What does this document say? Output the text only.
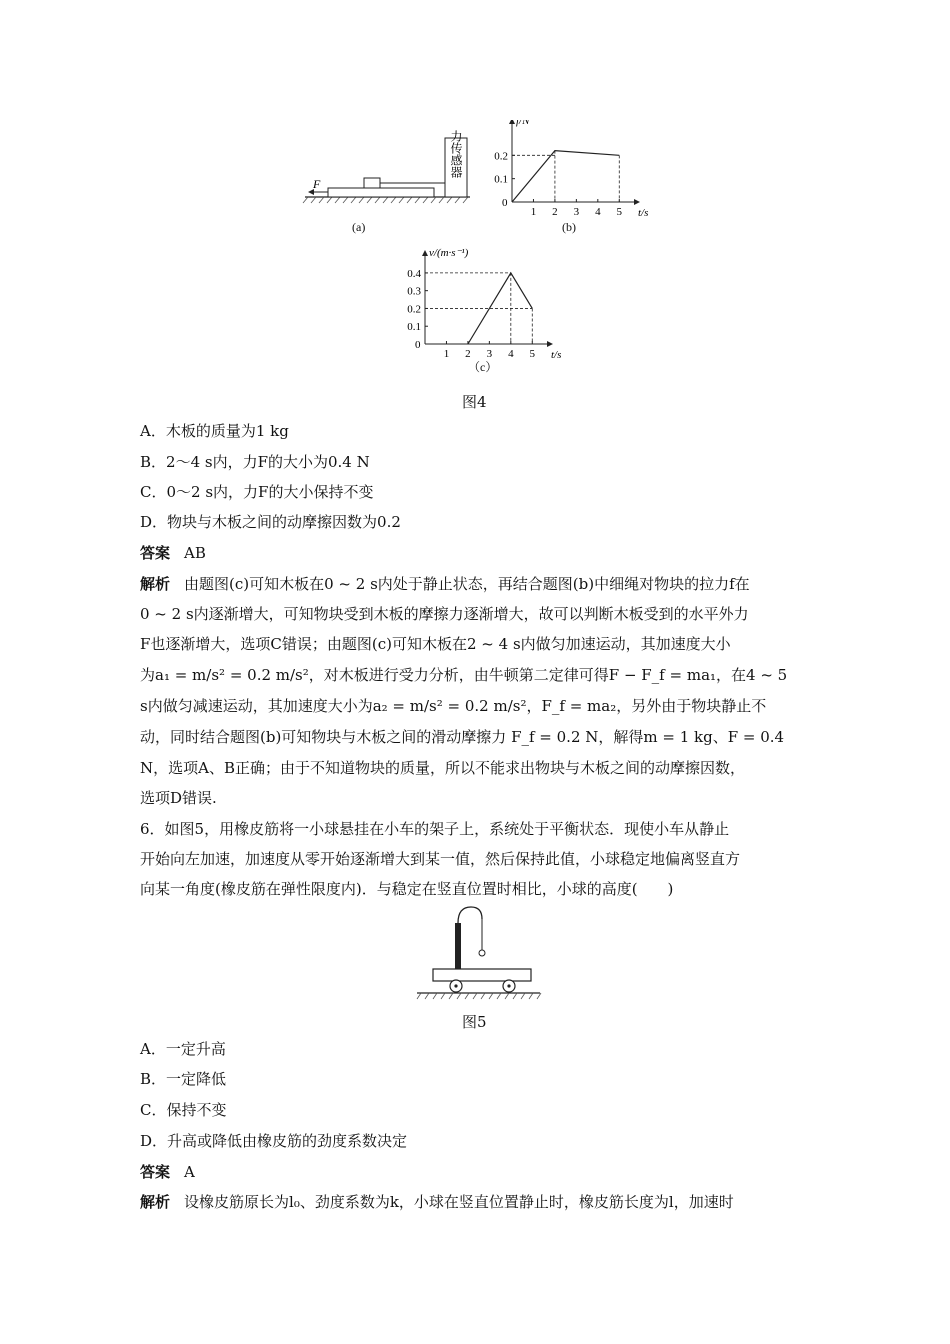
力传感器
F
(a)
f/N
t/s
0
1 2 3 4 5
0.1
0.2
(b)
v/(m·s⁻¹)
t/s
0
1 2 3 4 5
0.1
0.2
0.3
0.4
（c）
图4
A．木板的质量为1 kg
B．2～4 s内，力F的大小为0.4 N
C．0～2 s内，力F的大小保持不变
D．物块与木板之间的动摩擦因数为0.2
答案 AB
解析 由题图(c)可知木板在0 ~ 2 s内处于静止状态，再结合题图(b)中细绳对物块的拉力f在
0 ~ 2 s内逐渐增大，可知物块受到木板的摩擦力逐渐增大，故可以判断木板受到的水平外力
F也逐渐增大，选项C错误；由题图(c)可知木板在2 ~ 4 s内做匀加速运动，其加速度大小
为a₁ = m/s² = 0.2 m/s²，对木板进行受力分析，由牛顿第二定律可得F − F_f = ma₁，在4 ~ 5
s内做匀减速运动，其加速度大小为a₂ = m/s² = 0.2 m/s²，F_f = ma₂，另外由于物块静止不
动，同时结合题图(b)可知物块与木板之间的滑动摩擦力 F_f = 0.2 N，解得m = 1 kg、F = 0.4
N，选项A、B正确；由于不知道物块的质量，所以不能求出物块与木板之间的动摩擦因数，
选项D错误.
6．如图5，用橡皮筋将一小球悬挂在小车的架子上，系统处于平衡状态．现使小车从静止
开始向左加速，加速度从零开始逐渐增大到某一值，然后保持此值，小球稳定地偏离竖直方
向某一角度(橡皮筋在弹性限度内)．与稳定在竖直位置时相比，小球的高度(　　)
图5
A．一定升高
B．一定降低
C．保持不变
D．升高或降低由橡皮筋的劲度系数决定
答案 A
解析 设橡皮筋原长为l₀、劲度系数为k，小球在竖直位置静止时，橡皮筋长度为l，加速时
